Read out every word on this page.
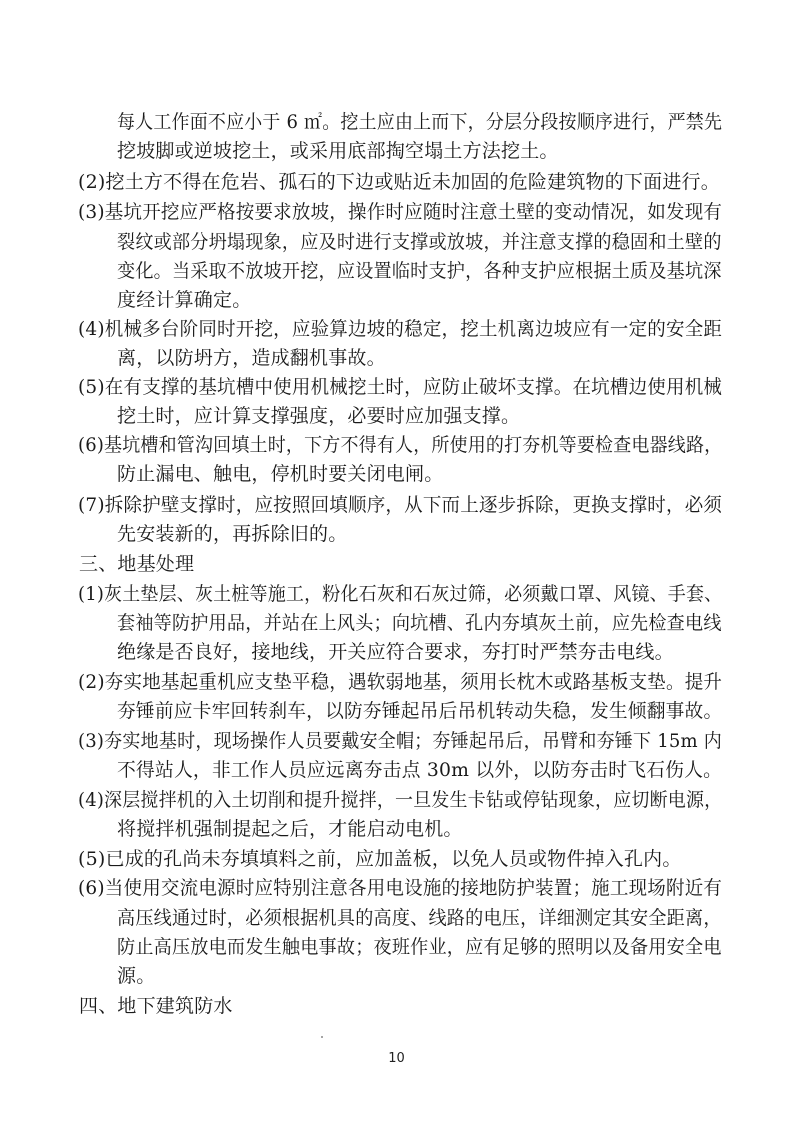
每人工作面不应小于 6 ㎡。挖土应由上而下，分层分段按顺序进行，严禁先
挖坡脚或逆坡挖土，或采用底部掏空塌土方法挖土。
(2)挖土方不得在危岩、孤石的下边或贴近未加固的危险建筑物的下面进行。
(3)基坑开挖应严格按要求放坡，操作时应随时注意土壁的变动情况，如发现有
裂纹或部分坍塌现象，应及时进行支撑或放坡，并注意支撑的稳固和土壁的
变化。当采取不放坡开挖，应设置临时支护，各种支护应根据土质及基坑深
度经计算确定。
(4)机械多台阶同时开挖，应验算边坡的稳定，挖土机离边坡应有一定的安全距
离，以防坍方，造成翻机事故。
(5)在有支撑的基坑槽中使用机械挖土时，应防止破坏支撑。在坑槽边使用机械
挖土时，应计算支撑强度，必要时应加强支撑。
(6)基坑槽和管沟回填土时，下方不得有人，所使用的打夯机等要检查电器线路，
防止漏电、触电，停机时要关闭电闸。
(7)拆除护壁支撑时，应按照回填顺序，从下而上逐步拆除，更换支撑时，必须
先安装新的，再拆除旧的。
三、地基处理
(1)灰土垫层、灰土桩等施工，粉化石灰和石灰过筛，必须戴口罩、风镜、手套、
套袖等防护用品，并站在上风头；向坑槽、孔内夯填灰土前，应先检查电线
绝缘是否良好，接地线，开关应符合要求，夯打时严禁夯击电线。
(2)夯实地基起重机应支垫平稳，遇软弱地基，须用长枕木或路基板支垫。提升
夯锤前应卡牢回转刹车，以防夯锤起吊后吊机转动失稳，发生倾翻事故。
(3)夯实地基时，现场操作人员要戴安全帽；夯锤起吊后，吊臂和夯锤下 15m 内
不得站人，非工作人员应远离夯击点 30m 以外，以防夯击时飞石伤人。
(4)深层搅拌机的入土切削和提升搅拌，一旦发生卡钻或停钻现象，应切断电源，
将搅拌机强制提起之后，才能启动电机。
(5)已成的孔尚未夯填填料之前，应加盖板，以免人员或物件掉入孔内。
(6)当使用交流电源时应特别注意各用电设施的接地防护装置；施工现场附近有
高压线通过时，必须根据机具的高度、线路的电压，详细测定其安全距离，
防止高压放电而发生触电事故；夜班作业，应有足够的照明以及备用安全电
源。
四、地下建筑防水
10
